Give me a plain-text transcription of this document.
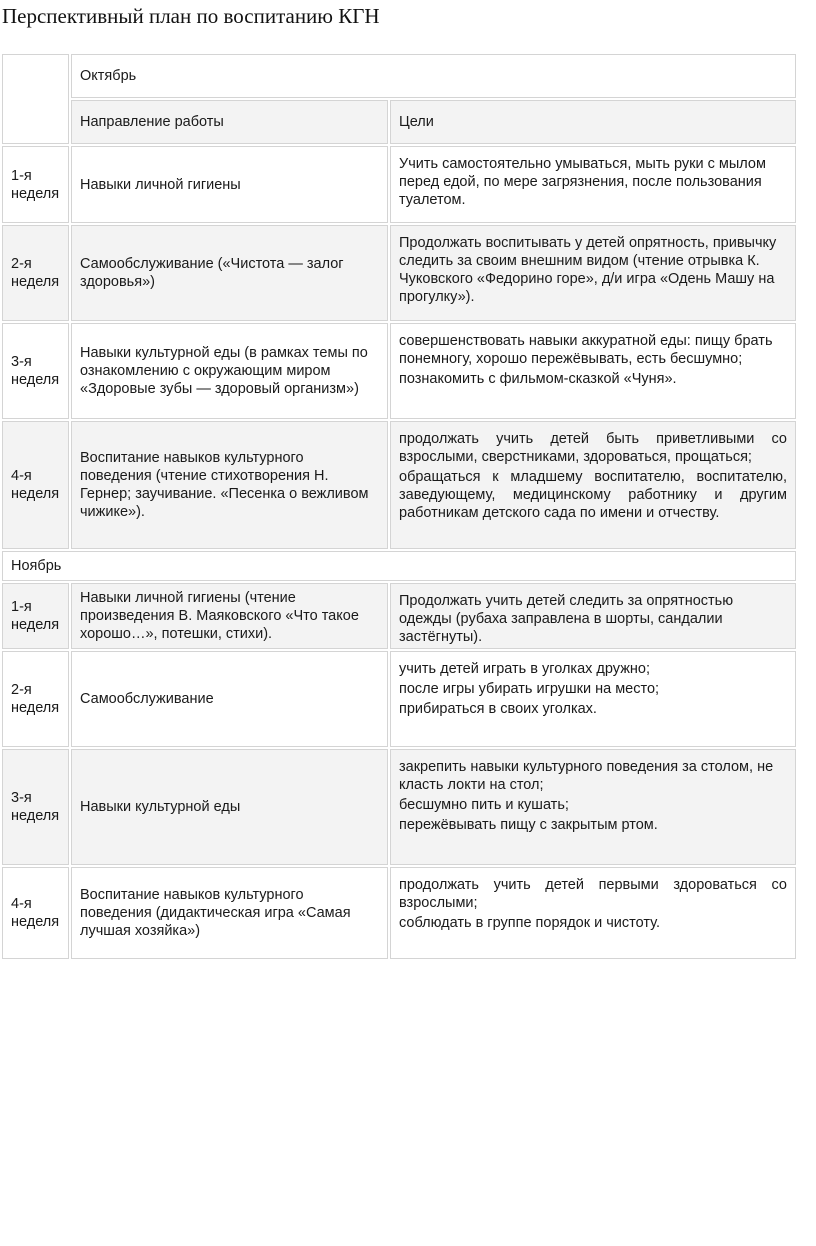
Перспективный план по воспитанию КГН
	Октябрь	
	Направление работы	Цели
1-я неделя	Навыки личной гигиены	Учить самостоятельно умываться, мыть руки с мылом перед едой, по мере загрязнения, после пользования туалетом.

2-я неделя	Самообслуживание («Чистота — залог здоровья»)	Продолжать воспитывать у детей опрятность, привычку следить за своим внешним видом (чтение отрывка К. Чуковского «Федорино горе», д/и игра «Одень Машу на прогулку»).

3-я неделя	Навыки культурной еды (в рамках темы по ознакомлению с окружающим миром «Здоровые зубы — здоровый организм»)	совершенствовать навыки аккуратной еды: пищу брать понемногу, хорошо пережёвывать, есть бесшумно;
познакомить с фильмом-сказкой «Чуня».

4-я неделя	Воспитание навыков культурного поведения (чтение стихотворения Н. Гернер; заучивание. «Песенка о вежливом чижике»).	продолжать учить детей быть приветливыми со взрослыми, сверстниками, здороваться, прощаться;
обращаться к младшему воспитателю, воспитателю, заведующему, медицинскому работнику и другим работникам детского сада по имени и отчеству.

Ноябрь		
1-я неделя	Навыки личной гигиены (чтение произведения В. Маяковского «Что такое хорошо…», потешки, стихи).	Продолжать учить детей следить за опрятностью одежды (рубаха заправлена в шорты, сандалии застёгнуты).

2-я неделя	Самообслуживание	учить детей играть в уголках дружно;
после игры убирать игрушки на место;
прибираться в своих уголках.

3-я неделя	Навыки культурной еды	закрепить навыки культурного поведения за столом, не класть локти на стол;
бесшумно пить и кушать;
пережёвывать пищу с закрытым ртом.

4-я неделя	Воспитание навыков культурного поведения (дидактическая игра «Самая лучшая хозяйка»)	продолжать учить детей первыми здороваться со взрослыми;
соблюдать в группе порядок и чистоту.
